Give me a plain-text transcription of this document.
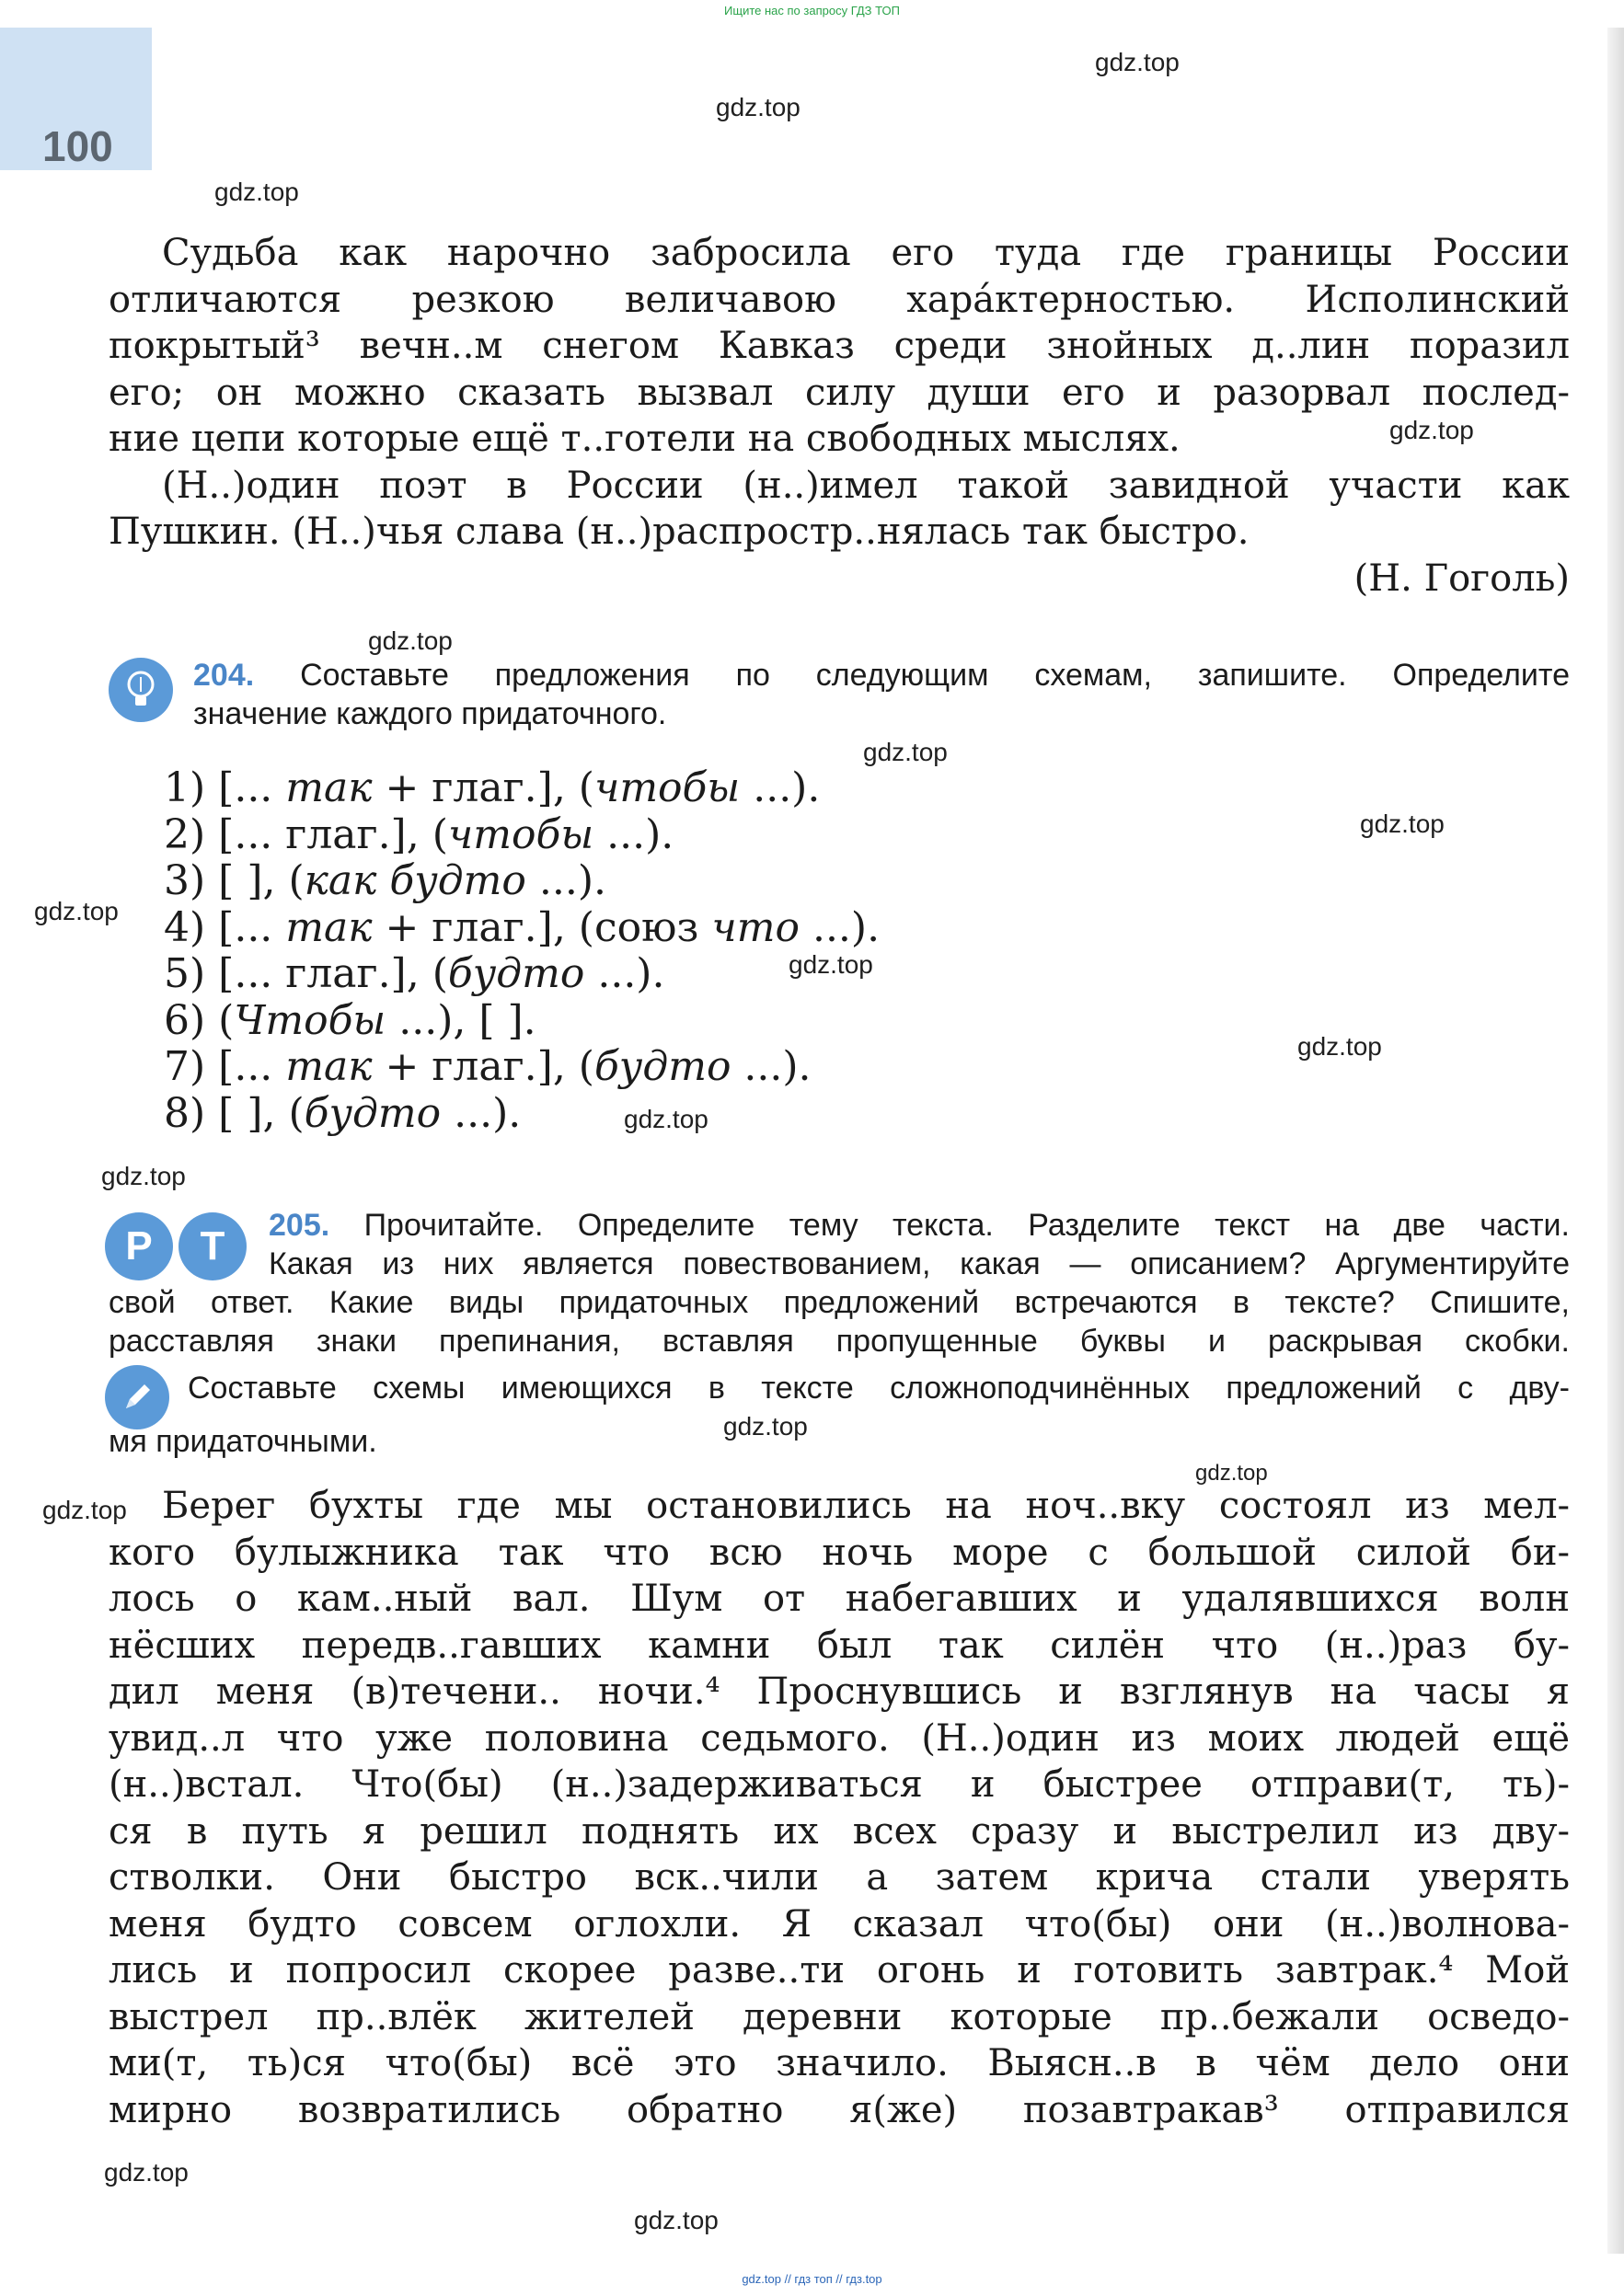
Ищите нас по запросу ГДЗ ТОП
100
gdz.top
gdz.top
gdz.top
gdz.top
gdz.top
gdz.top
gdz.top
gdz.top
gdz.top
gdz.top
gdz.top
gdz.top
gdz.top
gdz.top
gdz.top
gdz.top
gdz.top
Судьба как нарочно забросила его туда где границы России
отличаются резкою величавою хара́ктерностью. Исполинский
покрытый³ вечн..м снегом Кавказ среди знойных д..лин поразил
его; он можно сказать вызвал силу души его и разорвал послед-
ние цепи которые ещё т..готели на свободных мыслях.
(Н..)один поэт в России (н..)имел такой завидной участи как
Пушкин. (Н..)чья слава (н..)распростр..нялась так быстро.
(Н. Гоголь)
204. Составьте предложения по следующим схемам, запишите. Определите
значение каждого придаточного.
1) [... так + глаг.], (чтобы ...).
2) [... глаг.], (чтобы ...).
3) [ ], (как будто ...).
4) [... так + глаг.], (союз что ...).
5) [... глаг.], (будто ...).
6) (Чтобы ...), [ ].
7) [... так + глаг.], (будто ...).
8) [ ], (будто ...).
Р	Т	205. Прочитайте. Определите тему текста. Разделите текст на две части.
Какая из них является повествованием, какая — описанием? Аргументируйте
свой ответ. Какие виды придаточных предложений встречаются в тексте? Спишите,
расставляя знаки препинания, вставляя пропущенные буквы и раскрывая скобки.
Составьте схемы имеющихся в тексте сложноподчинённых предложений с дву-
мя придаточными.
Берег бухты где мы остановились на ноч..вку состоял из мел-
кого булыжника так что всю ночь море с большой силой би-
лось о кам..ный вал. Шум от набегавших и удалявшихся волн
нёсших передв..гавших камни был так силён что (н..)раз бу-
дил меня (в)течени.. ночи.⁴ Проснувшись и взглянув на часы я
увид..л что уже половина седьмого. (Н..)один из моих людей ещё
(н..)встал. Что(бы) (н..)задерживаться и быстрее отправи(т, ть)-
ся в путь я решил поднять их всех сразу и выстрелил из дву-
стволки. Они быстро вск..чили а затем крича стали уверять
меня будто совсем оглохли. Я сказал что(бы) они (н..)волнова-
лись и попросил скорее разве..ти огонь и готовить завтрак.⁴ Мой
выстрел пр..влёк жителей деревни которые пр..бежали осведо-
ми(т, ть)ся что(бы) всё это значило. Выясн..в в чём дело они
мирно возвратились обратно я(же) позавтракав³ отправился
gdz.top // гдз топ // гдз.top
